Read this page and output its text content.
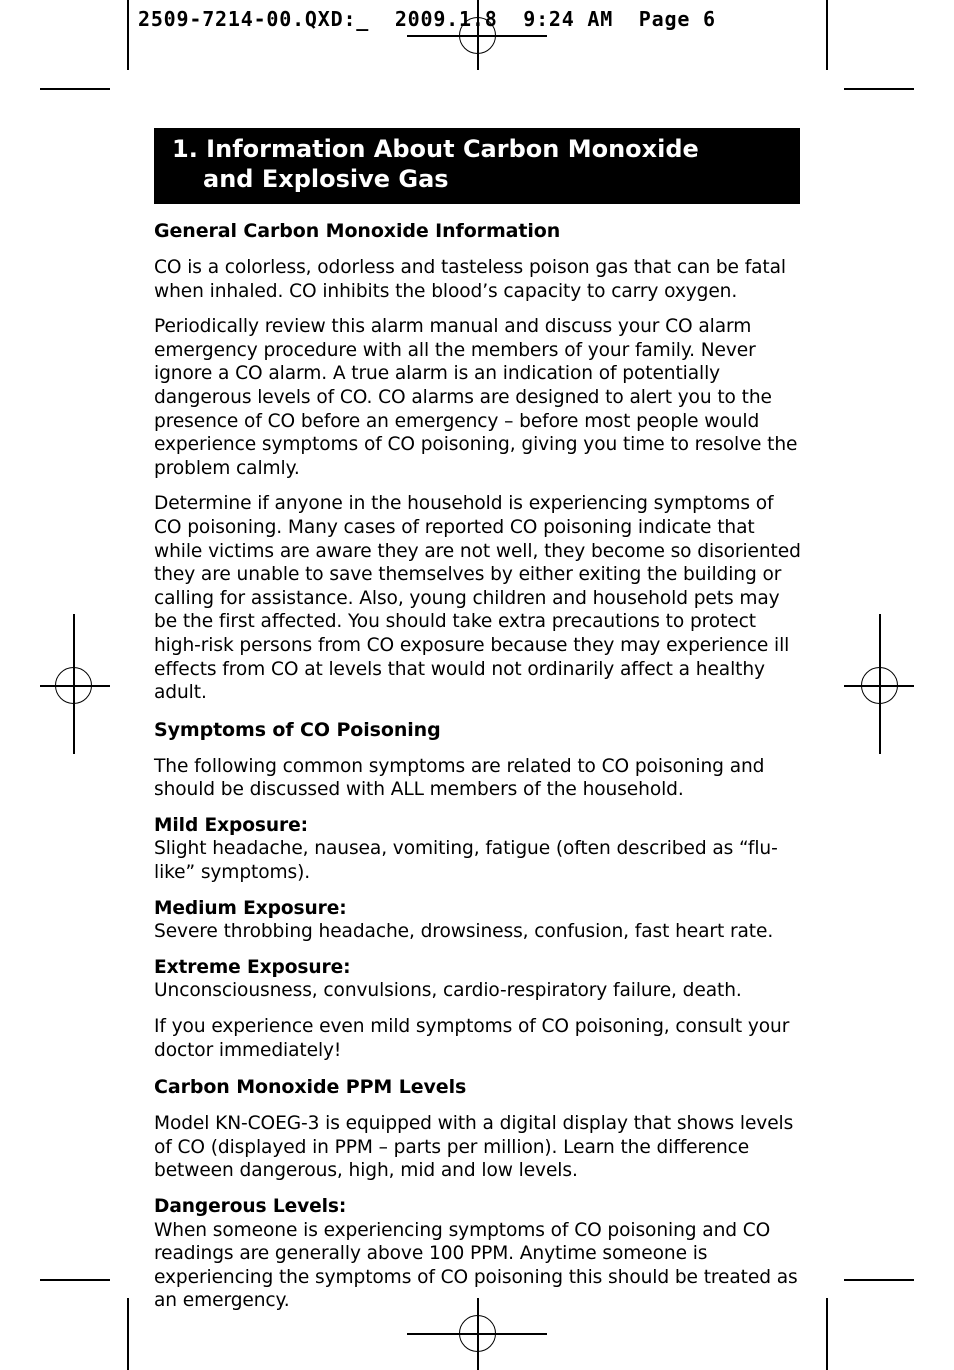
2509-7214-00.QXD:_  2009.1.8  9:24 AM  Page 6
1. Information About Carbon Monoxide
and Explosive Gas
General Carbon Monoxide Information

CO is a colorless, odorless and tasteless poison gas that can be fatal when inhaled. CO inhibits the blood’s capacity to carry oxygen.

Periodically review this alarm manual and discuss your CO alarm emergency procedure with all the members of your family. Never ignore a CO alarm. A true alarm is an indication of potentially dangerous levels of CO. CO alarms are designed to alert you to the presence of CO before an emergency – before most people would experience symptoms of CO poisoning, giving you time to resolve the problem calmly.

Determine if anyone in the household is experiencing symptoms of CO poisoning. Many cases of reported CO poisoning indicate that while victims are aware they are not well, they become so disoriented they are unable to save themselves by either exiting the building or calling for assistance. Also, young children and household pets may be the first affected. You should take extra precautions to protect high-risk persons from CO exposure because they may experience ill effects from CO at levels that would not ordinarily affect a healthy adult.

Symptoms of CO Poisoning

The following common symptoms are related to CO poisoning and should be discussed with ALL members of the household.

Mild Exposure:
Slight headache, nausea, vomiting, fatigue (often described as “flu-like” symptoms).
Medium Exposure:
Severe throbbing headache, drowsiness, confusion, fast heart rate.
Extreme Exposure:
Unconsciousness, convulsions, cardio-respiratory failure, death.

If you experience even mild symptoms of CO poisoning, consult your doctor immediately!

Carbon Monoxide PPM Levels

Model KN-COEG-3 is equipped with a digital display that shows levels of CO (displayed in PPM – parts per million). Learn the difference between dangerous, high, mid and low levels.

Dangerous Levels:
When someone is experiencing symptoms of CO poisoning and CO readings are generally above 100 PPM. Anytime someone is experiencing the symptoms of CO poisoning this should be treated as an emergency.
